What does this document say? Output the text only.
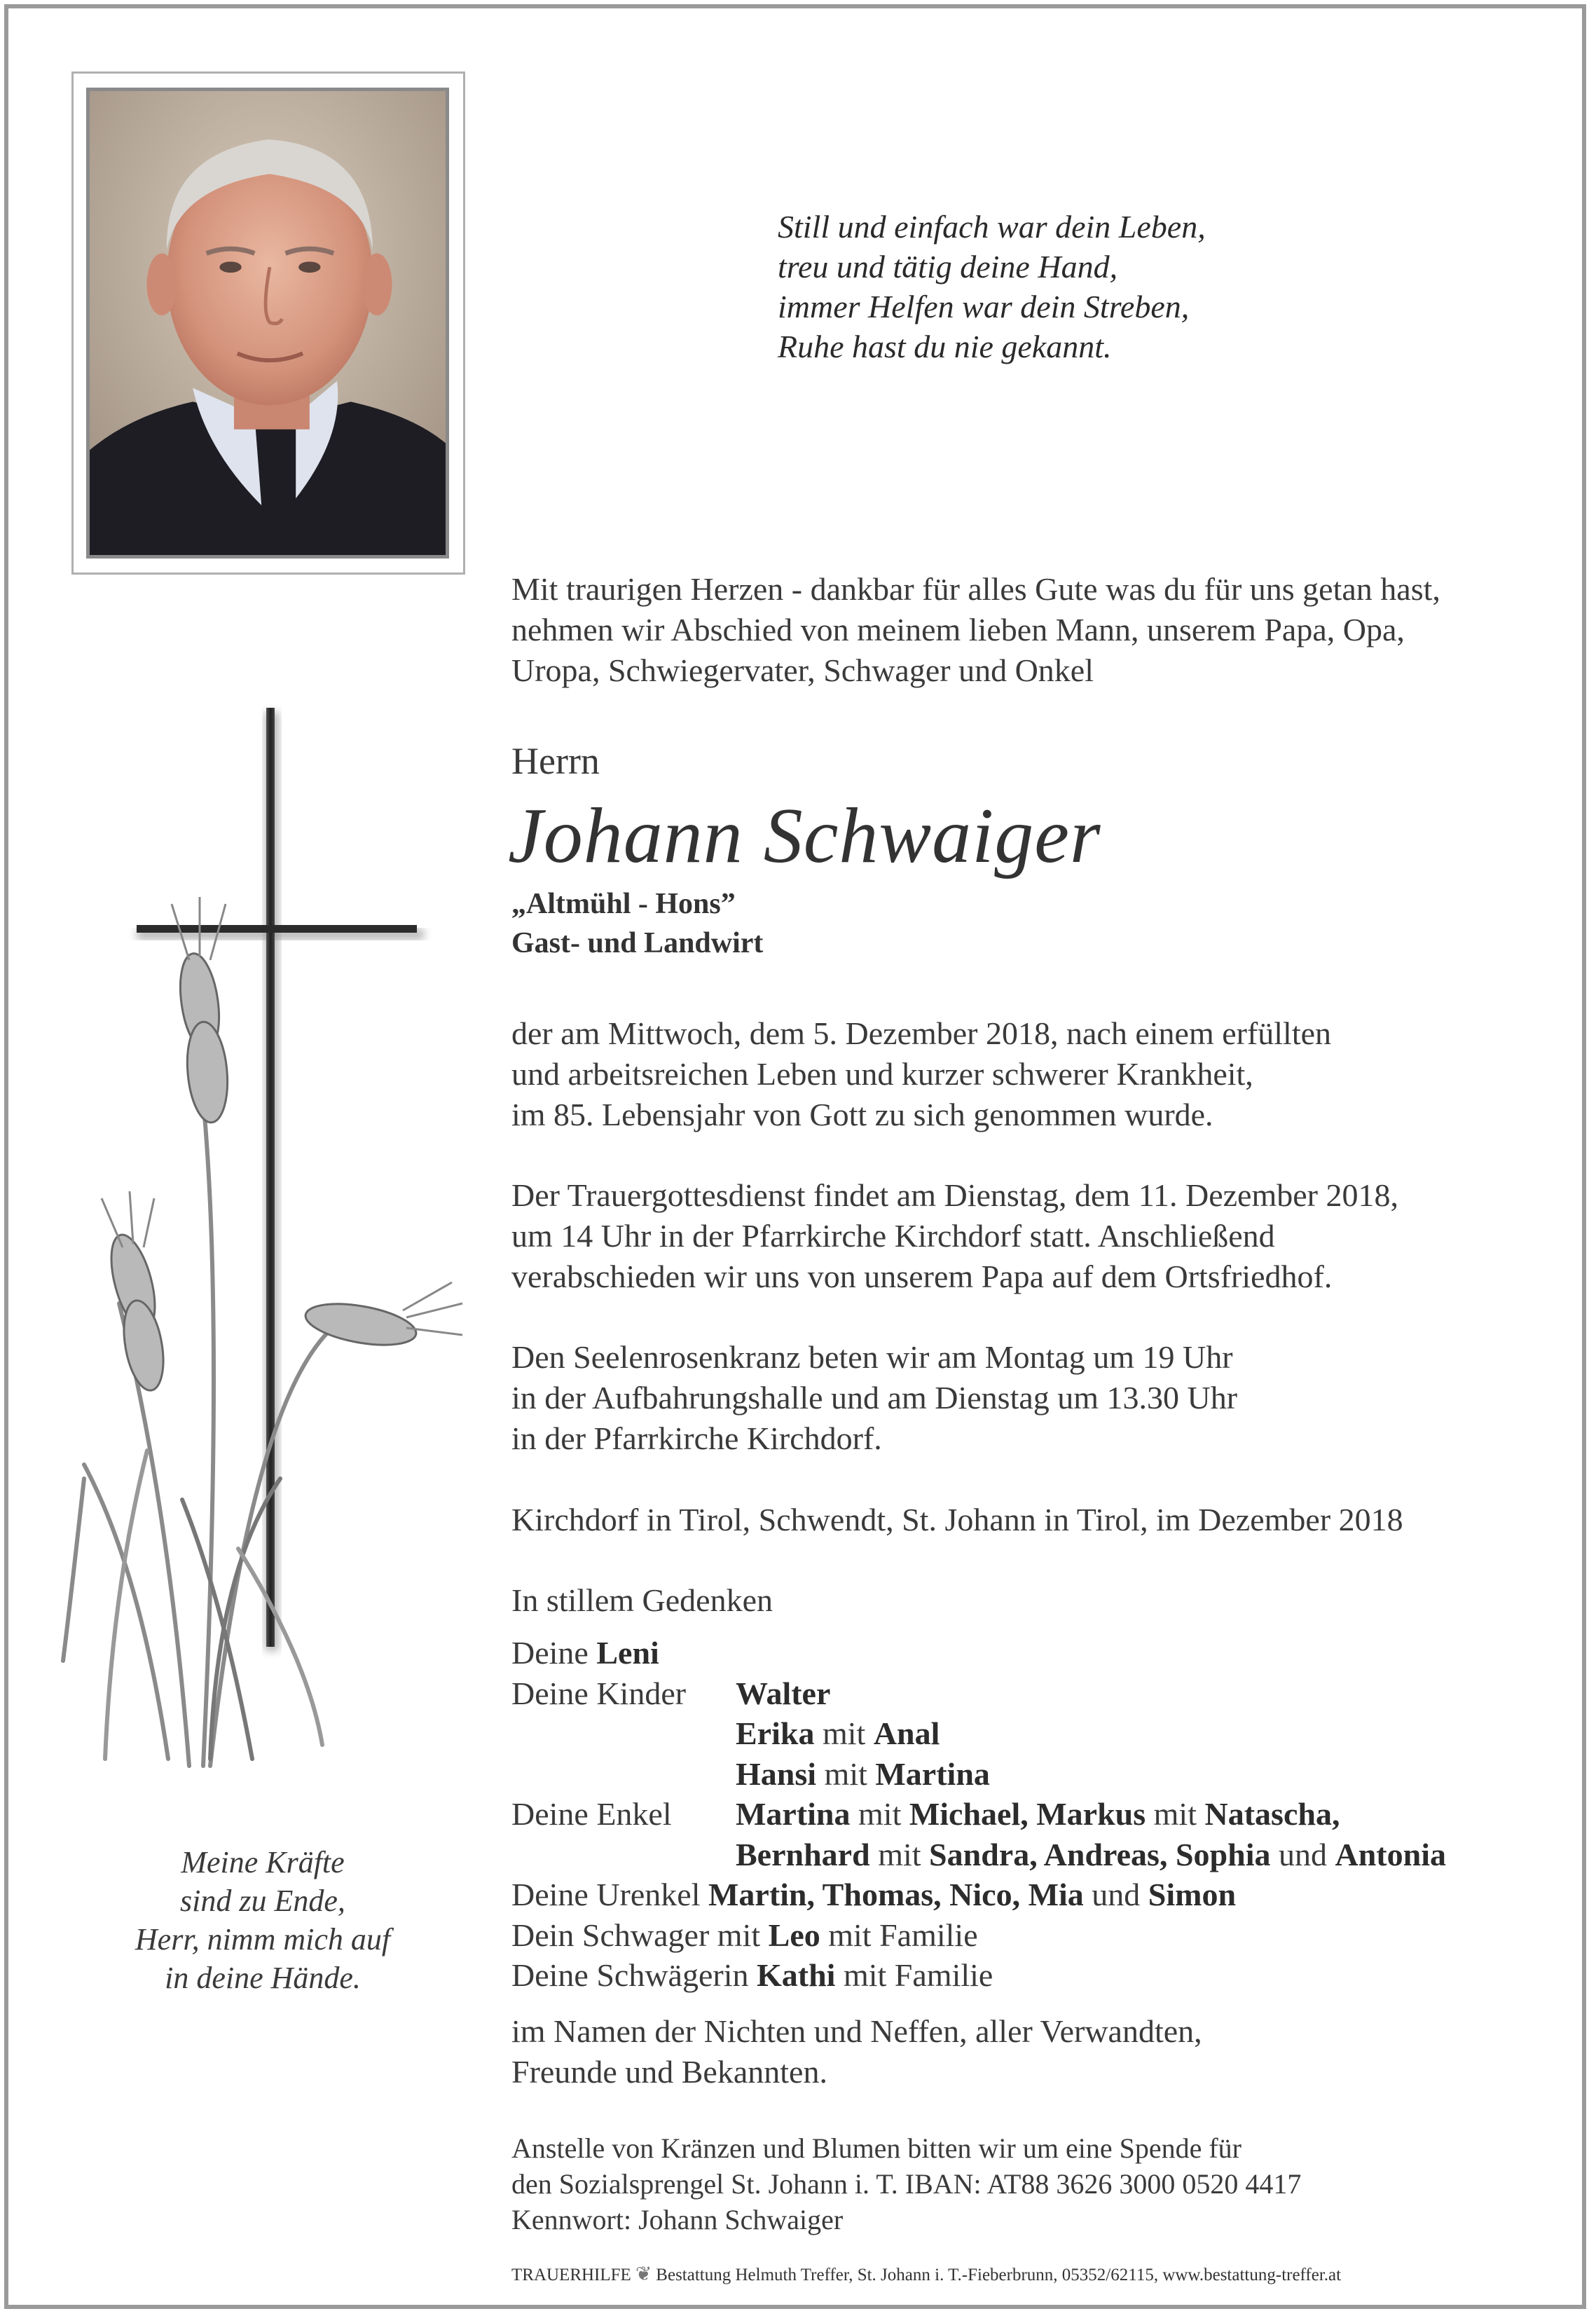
Still und einfach war dein Leben,
treu und tätig deine Hand,
immer Helfen war dein Streben,
Ruhe hast du nie gekannt.
Mit traurigen Herzen - dankbar für alles Gute was du für uns getan hast,
nehmen wir Abschied von meinem lieben Mann, unserem Papa, Opa,
Uropa, Schwiegervater, Schwager und Onkel
Herrn
Johann Schwaiger
„Altmühl - Hons”
Gast- und Landwirt
der am Mittwoch, dem 5. Dezember 2018, nach einem erfüllten
und arbeitsreichen Leben und kurzer schwerer Krankheit,
im 85. Lebensjahr von Gott zu sich genommen wurde.
Der Trauergottesdienst findet am Dienstag, dem 11. Dezember 2018,
um 14 Uhr in der Pfarrkirche Kirchdorf statt. Anschließend
verabschieden wir uns von unserem Papa auf dem Ortsfriedhof.
Den Seelenrosenkranz beten wir am Montag um 19 Uhr
in der Aufbahrungshalle und am Dienstag um 13.30 Uhr
in der Pfarrkirche Kirchdorf.
Kirchdorf in Tirol, Schwendt, St. Johann in Tirol, im Dezember 2018
In stillem Gedenken
Deine Leni
Deine Kinder	Walter
Erika mit Anal
Hansi mit Martina
Deine Enkel	Martina mit Michael, Markus mit Natascha,
Bernhard mit Sandra, Andreas, Sophia und Antonia
Deine Urenkel Martin, Thomas, Nico, Mia und Simon
Dein Schwager mit Leo mit Familie
Deine Schwägerin Kathi mit Familie
im Namen der Nichten und Neffen, aller Verwandten,
Freunde und Bekannten.
Anstelle von Kränzen und Blumen bitten wir um eine Spende für
den Sozialsprengel St. Johann i. T. IBAN: AT88 3626 3000 0520 4417
Kennwort: Johann Schwaiger
TRAUERHILFE ❦ Bestattung Helmuth Treffer, St. Johann i. T.-Fieberbrunn, 05352/62115, www.bestattung-treffer.at
Meine Kräfte
sind zu Ende,
Herr, nimm mich auf
in deine Hände.
